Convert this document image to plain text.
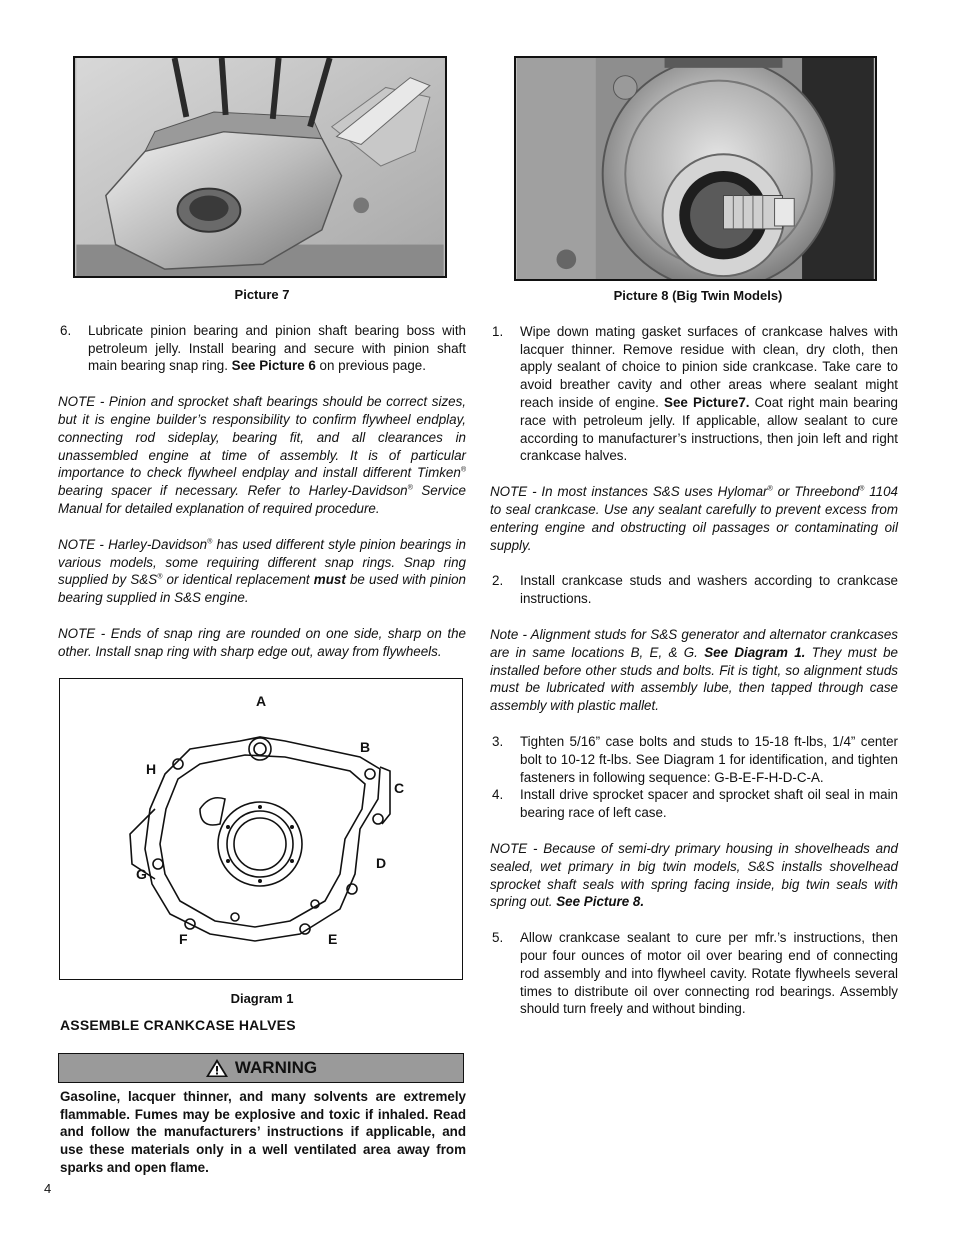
Picture 7
6. Lubricate pinion bearing and pinion shaft bearing boss with petroleum jelly. Install bearing and secure with pinion shaft main bearing snap ring. See Picture 6 on previous page.
NOTE - Pinion and sprocket shaft bearings should be correct sizes, but it is engine builder’s responsibility to confirm flywheel endplay, connecting rod sideplay, bearing fit, and all clearances in unassembled engine at time of assembly. It is of particular importance to check flywheel endplay and install different Timken® bearing spacer if necessary. Refer to Harley-Davidson® Service Manual for detailed explanation of required procedure.
NOTE - Harley-Davidson® has used different style pinion bearings in various models, some requiring different snap rings. Snap ring supplied by S&S® or identical replacement must be used with pinion bearing supplied in S&S engine.
NOTE - Ends of snap ring are rounded on one side, sharp on the other. Install snap ring with sharp edge out, away from flywheels.
A
B
C
D
E
F
G
H
Diagram 1
ASSEMBLE CRANKCASE HALVES
WARNING
Gasoline, lacquer thinner, and many solvents are extremely flammable. Fumes may be explosive and toxic if inhaled. Read and follow the manufacturers’ instructions if applicable, and use these materials only in a well ventilated area away from sparks and open flame.
Picture 8 (Big Twin Models)
1. Wipe down mating gasket surfaces of crankcase halves with lacquer thinner. Remove residue with clean, dry cloth, then apply sealant of choice to pinion side crankcase. Take care to avoid breather cavity and other areas where sealant might reach inside of engine. See Picture7. Coat right main bearing race with petroleum jelly. If applicable, allow sealant to cure according to manufacturer’s instructions, then join left and right crankcase halves.
NOTE - In most instances S&S uses Hylomar® or Threebond® 1104 to seal crankcase. Use any sealant carefully to prevent excess from entering engine and obstructing oil passages or contaminating oil supply.
2. Install crankcase studs and washers according to crankcase instructions.
Note - Alignment studs for S&S generator and alternator crankcases are in same locations B, E, & G. See Diagram 1. They must be installed before other studs and bolts. Fit is tight, so alignment studs must be lubricated with assembly lube, then tapped through case assembly with plastic mallet.
3. Tighten 5/16” case bolts and studs to 15-18 ft-lbs, 1/4” center bolt to 10-12 ft-lbs. See Diagram 1 for identification, and tighten fasteners in following sequence: G-B-E-F-H-D-C-A.
4. Install drive sprocket spacer and sprocket shaft oil seal in main bearing race of left case.
NOTE - Because of semi-dry primary housing in shovelheads and sealed, wet primary in big twin models, S&S installs shovelhead sprocket shaft seals with spring facing inside, big twin seals with spring out. See Picture 8.
5. Allow crankcase sealant to cure per mfr.’s instructions, then pour four ounces of motor oil over bearing end of connecting rod assembly and into flywheel cavity. Rotate flywheels several times to distribute oil over connecting rod bearings. Assembly should turn freely and without binding.
4
